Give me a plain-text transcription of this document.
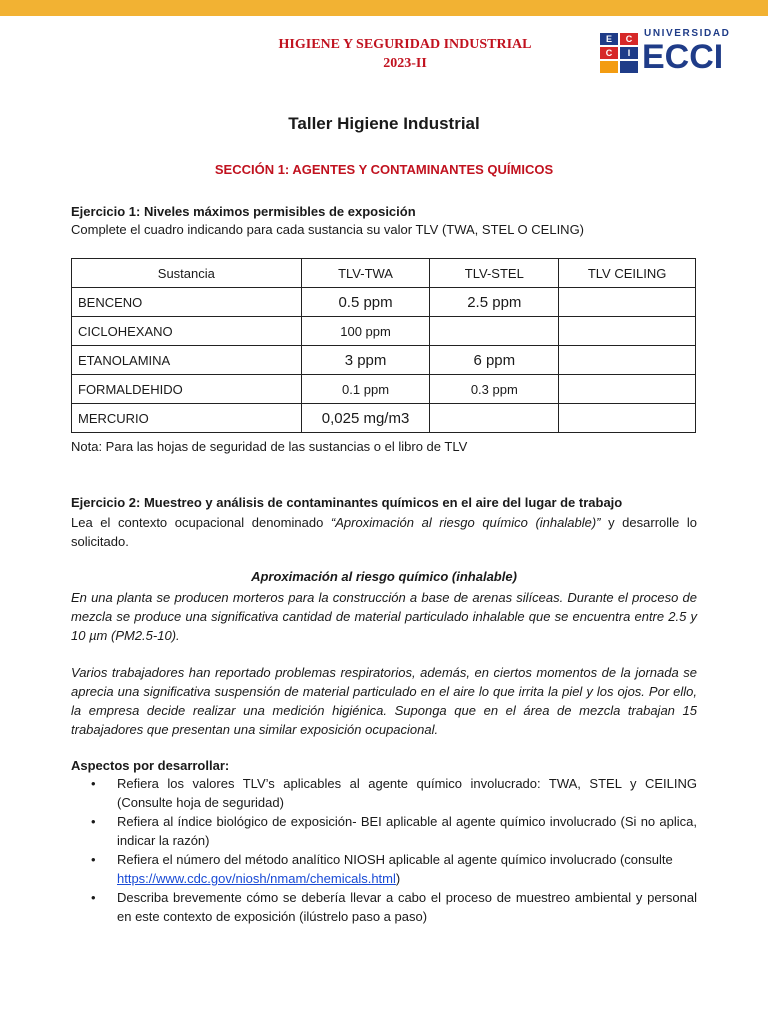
HIGIENE Y SEGURIDAD INDUSTRIAL
2023-II
E	C
C	I
UNIVERSIDAD
ECCI
Taller Higiene Industrial
SECCIÓN 1: AGENTES Y CONTAMINANTES QUÍMICOS

Ejercicio 1: Niveles máximos permisibles de exposición

Complete el cuadro indicando para cada sustancia su valor TLV (TWA, STEL O CELING)

Sustancia	TLV-TWA	TLV-STEL	TLV CEILING
BENCENO	0.5 ppm	2.5 ppm	
CICLOHEXANO	100 ppm		
ETANOLAMINA	3 ppm	6 ppm	
FORMALDEHIDO	0.1 ppm	0.3 ppm	
MERCURIO	0,025 mg/m3		

Nota: Para las hojas de seguridad de las sustancias o el libro de TLV

Ejercicio 2: Muestreo y análisis de contaminantes químicos en el aire del lugar de trabajo

Lea el contexto ocupacional denominado “Aproximación al riesgo químico (inhalable)” y desarrolle lo solicitado.

Aproximación al riesgo químico (inhalable)

En una planta se producen morteros para la construcción a base de arenas silíceas. Durante el proceso de mezcla se produce una significativa cantidad de material particulado inhalable que se encuentra entre 2.5 y 10 µm (PM2.5-10).

Varios trabajadores han reportado problemas respiratorios, además, en ciertos momentos de la jornada se aprecia una significativa suspensión de material particulado en el aire lo que irrita la piel y los ojos. Por ello, la empresa decide realizar una medición higiénica. Suponga que en el área de mezcla trabajan 15 trabajadores que presentan una similar exposición ocupacional.

Aspectos por desarrollar:

• Refiera los valores TLV’s aplicables al agente químico involucrado: TWA, STEL y CEILING (Consulte hoja de seguridad)
• Refiera al índice biológico de exposición- BEI aplicable al agente químico involucrado (Si no aplica, indicar la razón)
• Refiera el número del método analítico NIOSH aplicable al agente químico involucrado (consulte https://www.cdc.gov/niosh/nmam/chemicals.html)
• Describa brevemente cómo se debería llevar a cabo el proceso de muestreo ambiental y personal en este contexto de exposición (ilústrelo paso a paso)
